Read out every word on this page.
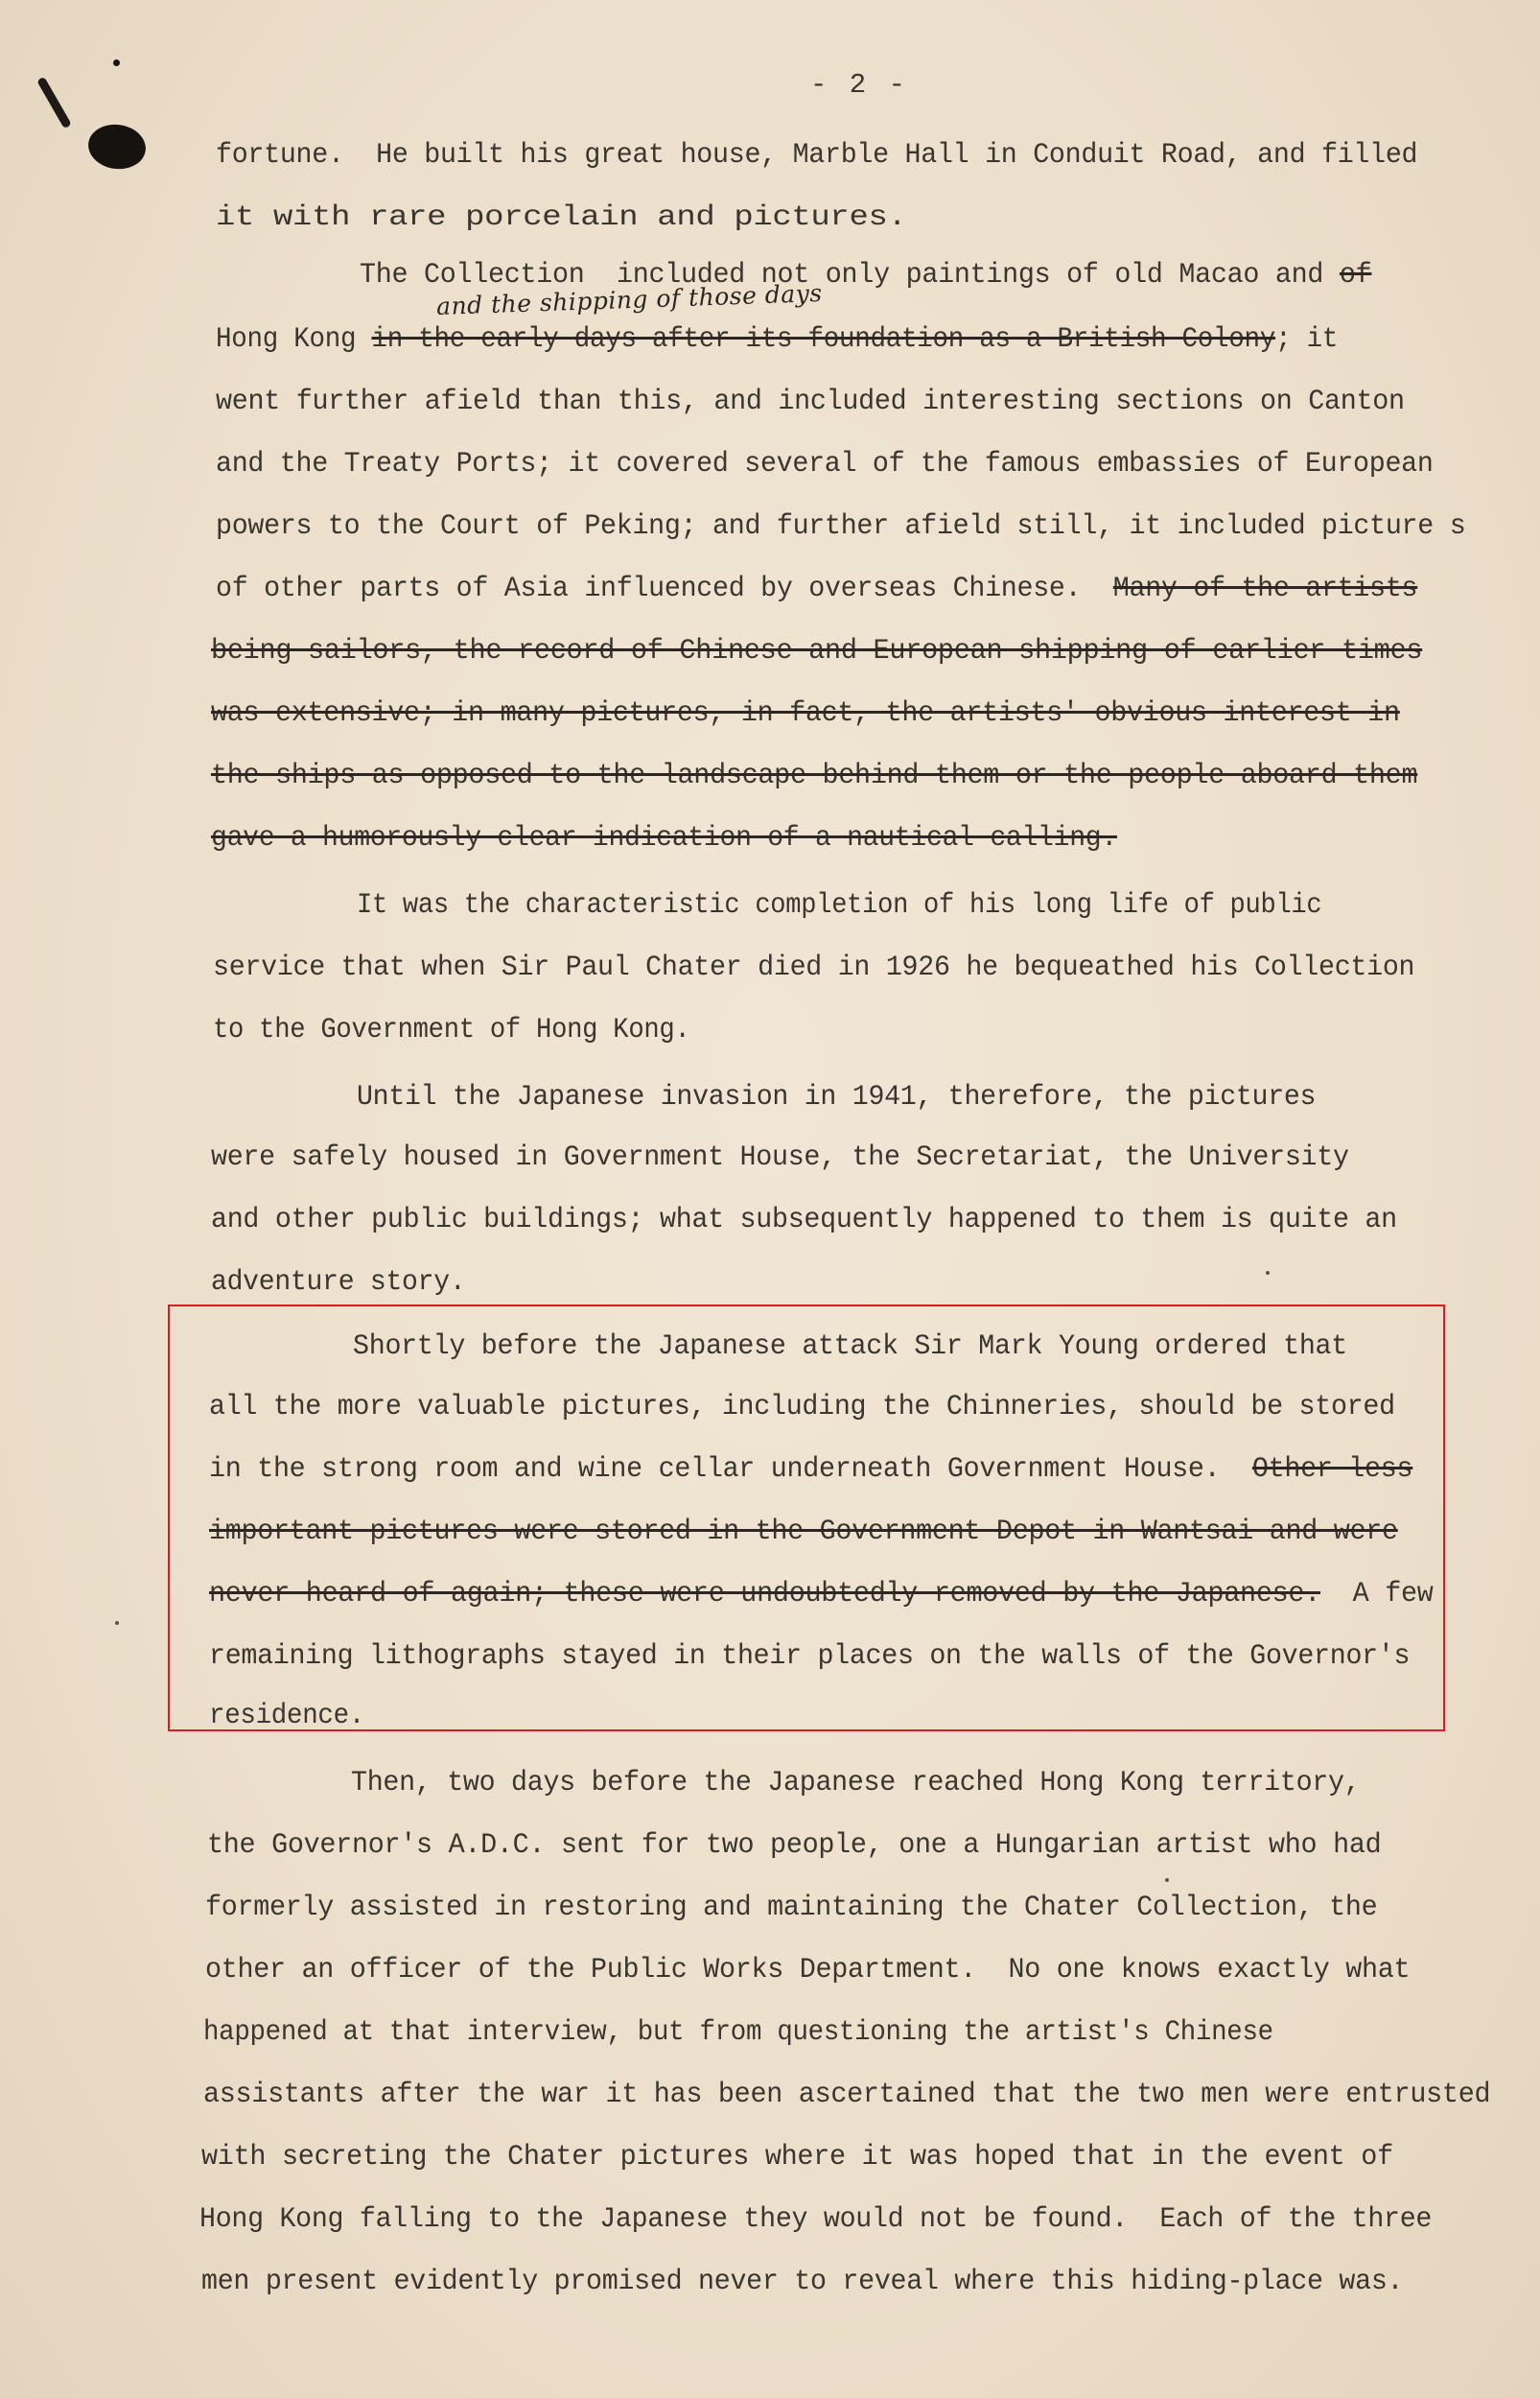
- 2 -
and the shipping of those days
fortune.  He built his great house, Marble Hall in Conduit Road, and filled
it with rare porcelain and pictures.
The Collection  included not only paintings of old Macao and of
Hong Kong in the early days after its foundation as a British Colony; it
went further afield than this, and included interesting sections on Canton
and the Treaty Ports; it covered several of the famous embassies of European
powers to the Court of Peking; and further afield still, it included picture s
of other parts of Asia influenced by overseas Chinese.  Many of the artists
being sailors, the record of Chinese and European shipping of earlier times
was extensive; in many pictures, in fact, the artists' obvious interest in
the ships as opposed to the landscape behind them or the people aboard them
gave a humorously clear indication of a nautical calling.
It was the characteristic completion of his long life of public
service that when Sir Paul Chater died in 1926 he bequeathed his Collection
to the Government of Hong Kong.
Until the Japanese invasion in 1941, therefore, the pictures
were safely housed in Government House, the Secretariat, the University
and other public buildings; what subsequently happened to them is quite an
adventure story.
Shortly before the Japanese attack Sir Mark Young ordered that
all the more valuable pictures, including the Chinneries, should be stored
in the strong room and wine cellar underneath Government House.  Other less
important pictures were stored in the Government Depot in Wantsai and were
never heard of again; these were undoubtedly removed by the Japanese.  A few
remaining lithographs stayed in their places on the walls of the Governor's
residence.
Then, two days before the Japanese reached Hong Kong territory,
the Governor's A.D.C. sent for two people, one a Hungarian artist who had
formerly assisted in restoring and maintaining the Chater Collection, the
other an officer of the Public Works Department.  No one knows exactly what
happened at that interview, but from questioning the artist's Chinese
assistants after the war it has been ascertained that the two men were entrusted
with secreting the Chater pictures where it was hoped that in the event of
Hong Kong falling to the Japanese they would not be found.  Each of the three
men present evidently promised never to reveal where this hiding-place was.
